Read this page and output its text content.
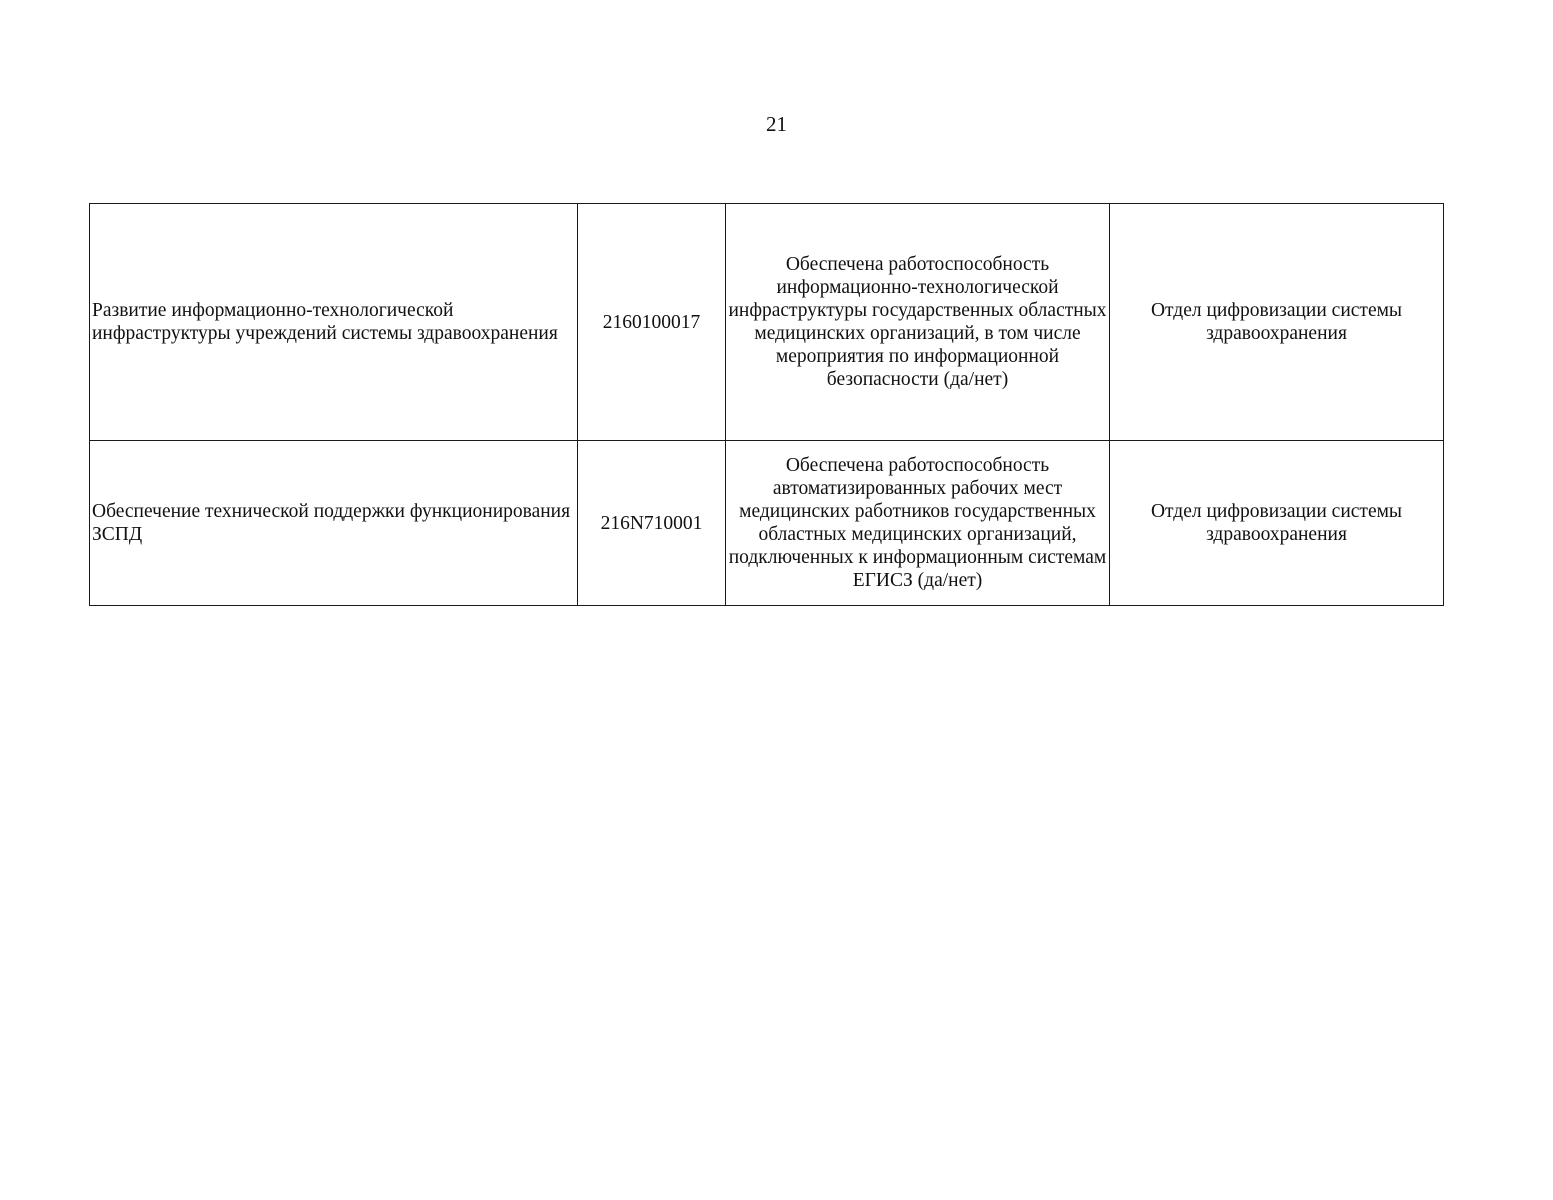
21
Развитие информационно-технологической инфраструктуры учреждений системы здравоохранения	2160100017	Обеспечена работоспособность информационно-технологической инфраструктуры государственных областных медицинских организаций, в том числе мероприятия по информационной безопасности (да/нет)	Отдел цифровизации системы здравоохранения
Обеспечение технической поддержки функционирования ЗСПД	216N710001	Обеспечена работоспособность автоматизированных рабочих мест медицинских работников государственных областных медицинских организаций, подключенных к информационным системам ЕГИСЗ (да/нет)	Отдел цифровизации системы здравоохранения
